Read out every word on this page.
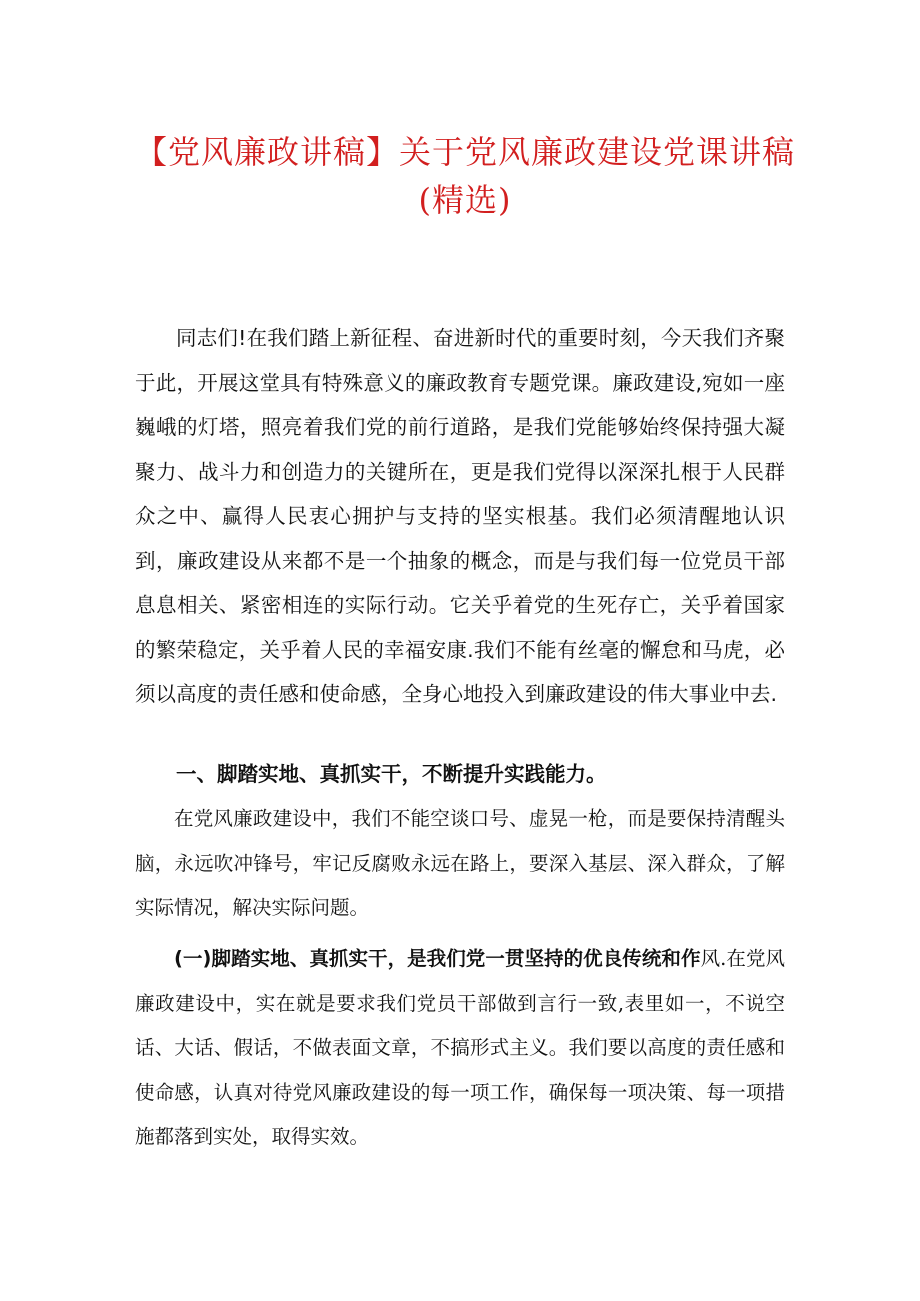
【党风廉政讲稿】关于党风廉政建设党课讲稿
(精选)

同志们!在我们踏上新征程、奋进新时代的重要时刻，今天我们齐聚于此，开展这堂具有特殊意义的廉政教育专题党课。廉政建设,宛如一座巍峨的灯塔，照亮着我们党的前行道路，是我们党能够始终保持强大凝聚力、战斗力和创造力的关键所在，更是我们党得以深深扎根于人民群众之中、赢得人民衷心拥护与支持的坚实根基。我们必须清醒地认识到，廉政建设从来都不是一个抽象的概念，而是与我们每一位党员干部息息相关、紧密相连的实际行动。它关乎着党的生死存亡，关乎着国家的繁荣稳定，关乎着人民的幸福安康.我们不能有丝毫的懈怠和马虎，必须以高度的责任感和使命感，全身心地投入到廉政建设的伟大事业中去.

一、脚踏实地、真抓实干，不断提升实践能力。

在党风廉政建设中，我们不能空谈口号、虚晃一枪，而是要保持清醒头脑，永远吹冲锋号，牢记反腐败永远在路上，要深入基层、深入群众，了解实际情况，解决实际问题。

(一)脚踏实地、真抓实干，是我们党一贯坚持的优良传统和作风.在党风廉政建设中，实在就是要求我们党员干部做到言行一致,表里如一，不说空话、大话、假话，不做表面文章，不搞形式主义。我们要以高度的责任感和使命感，认真对待党风廉政建设的每一项工作，确保每一项决策、每一项措施都落到实处，取得实效。
